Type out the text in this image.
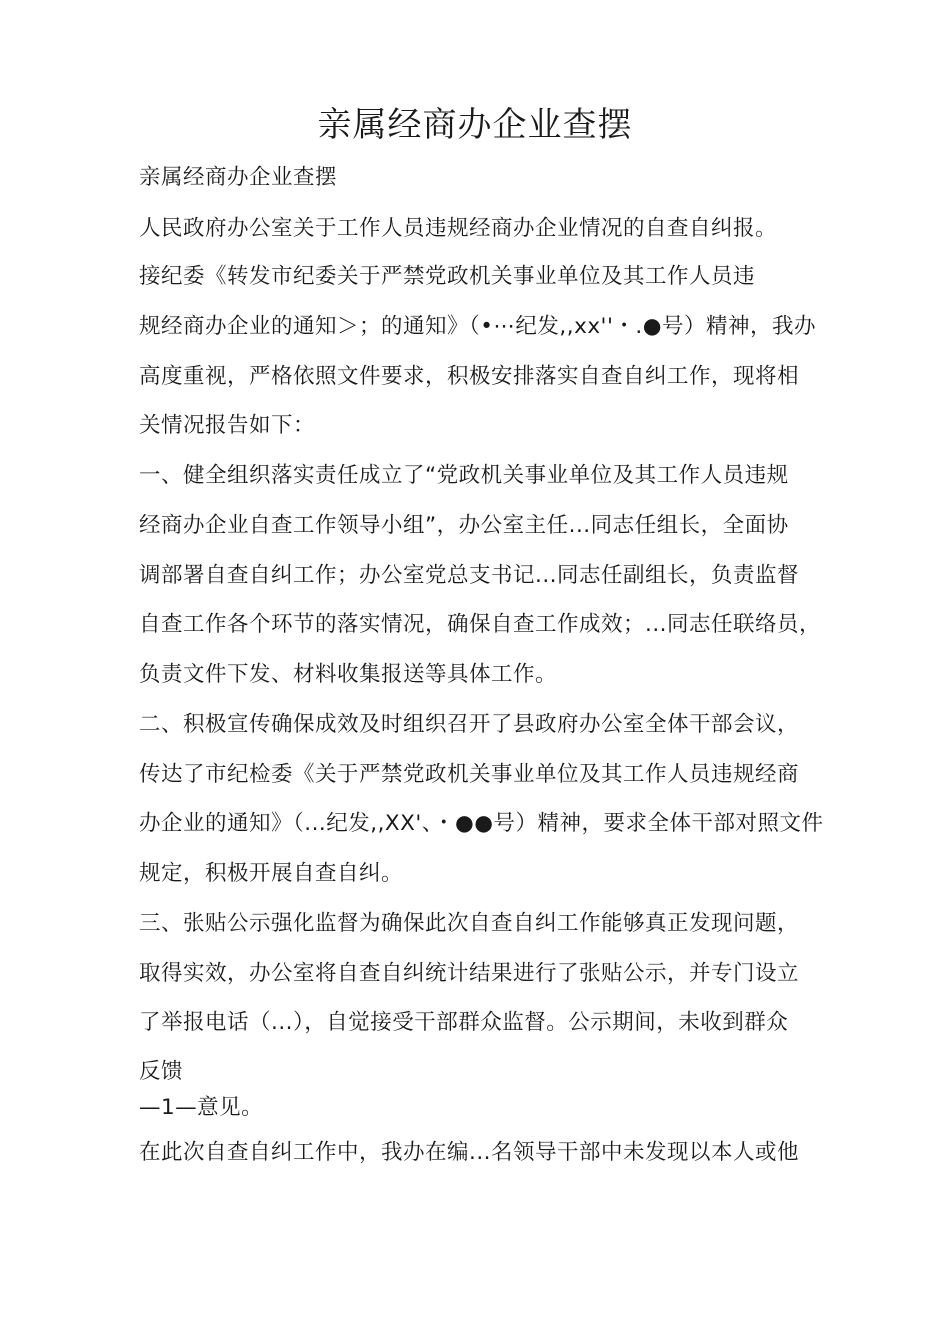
亲属经商办企业查摆
亲属经商办企业查摆
人民政府办公室关于工作人员违规经商办企业情况的自查自纠报。
接纪委《转发市纪委关于严禁党政机关事业单位及其工作人员违
规经商办企业的通知＞；的通知》（•⋯纪发,,xx''・.●号）精神，我办
高度重视，严格依照文件要求，积极安排落实自查自纠工作，现将相
关情况报告如下：
一、健全组织落实责任成立了“党政机关事业单位及其工作人员违规
经商办企业自查工作领导小组”，办公室主任...同志任组长，全面协
调部署自查自纠工作；办公室党总支书记...同志任副组长，负责监督
自查工作各个环节的落实情况，确保自查工作成效；...同志任联络员，
负责文件下发、材料收集报送等具体工作。
二、积极宣传确保成效及时组织召开了县政府办公室全体干部会议，
传达了市纪检委《关于严禁党政机关事业单位及其工作人员违规经商
办企业的通知》（...纪发,,XX'、・●●号）精神，要求全体干部对照文件
规定，积极开展自查自纠。
三、张贴公示强化监督为确保此次自查自纠工作能够真正发现问题，
取得实效，办公室将自查自纠统计结果进行了张贴公示，并专门设立
了举报电话（...），自觉接受干部群众监督。公示期间，未收到群众
反馈
—1—意见。
在此次自查自纠工作中，我办在编...名领导干部中未发现以本人或他
